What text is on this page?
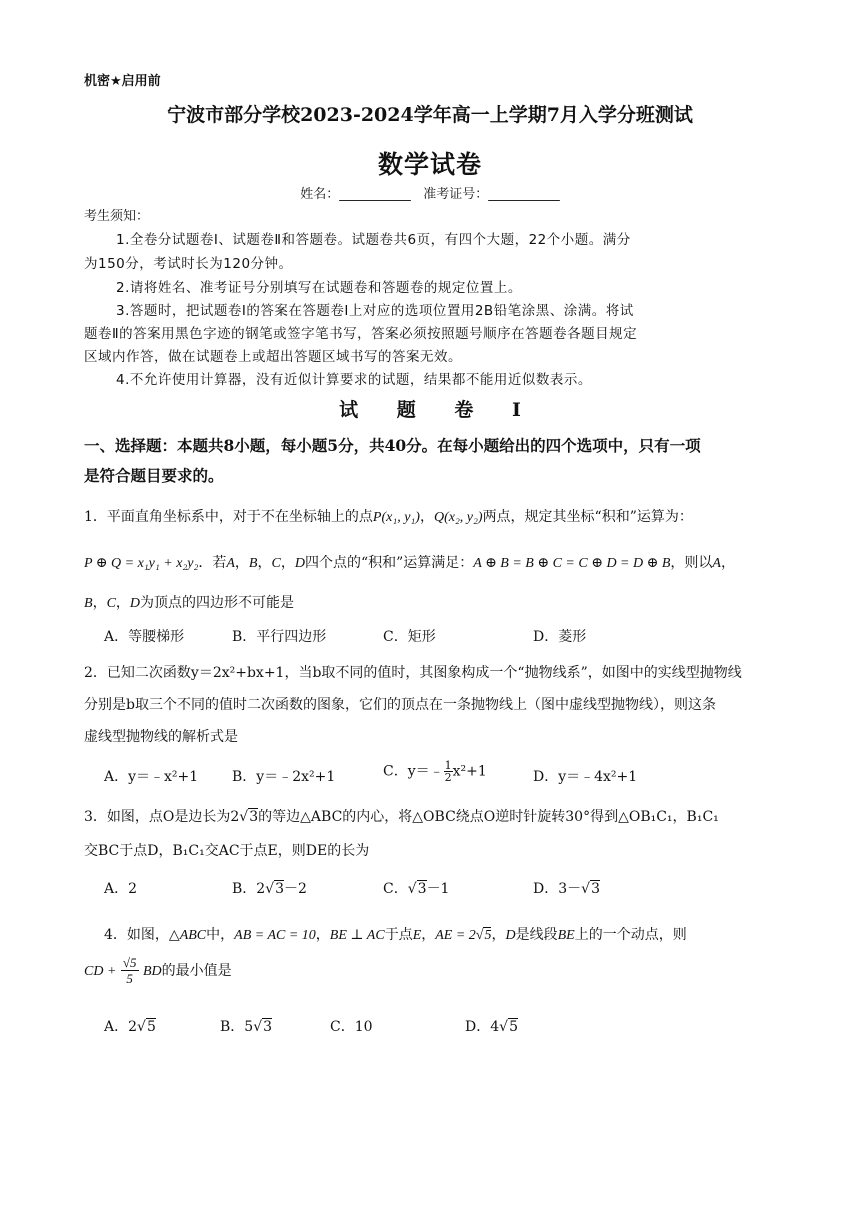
机密★启用前
宁波市部分学校2023-2024学年高一上学期7月入学分班测试
数学试卷
姓名：___________ 准考证号：___________
考生须知：
1.全卷分试题卷Ⅰ、试题卷Ⅱ和答题卷。试题卷共6页，有四个大题，22个小题。满分
为150分，考试时长为120分钟。
2.请将姓名、准考证号分别填写在试题卷和答题卷的规定位置上。
3.答题时，把试题卷Ⅰ的答案在答题卷Ⅰ上对应的选项位置用2B铅笔涂黑、涂满。将试
题卷Ⅱ的答案用黑色字迹的钢笔或签字笔书写，答案必须按照题号顺序在答题卷各题目规定
区域内作答，做在试题卷上或超出答题区域书写的答案无效。
4.不允许使用计算器，没有近似计算要求的试题，结果都不能用近似数表示。
试 题 卷 Ⅰ
一、选择题：本题共8小题，每小题5分，共40分。在每小题给出的四个选项中，只有一项
是符合题目要求的。
1．平面直角坐标系中，对于不在坐标轴上的点P(x₁, y₁)，Q(x₂, y₂)两点，规定其坐标“积和”运算为：
P ⊕ Q = x₁y₁ + x₂y₂．若A，B，C，D四个点的“积和”运算满足：A ⊕ B = B ⊕ C = C ⊕ D = D ⊕ B，则以A，
B，C，D为顶点的四边形不可能是
A．等腰梯形	B．平行四边形	C．矩形	D．菱形
2．已知二次函数y＝2x²+bx+1，当b取不同的值时，其图象构成一个“抛物线系”，如图中的实线型抛物线
分别是b取三个不同的值时二次函数的图象，它们的顶点在一条抛物线上（图中虚线型抛物线），则这条
虚线型抛物线的解析式是
A．y＝﹣x²+1 B．y＝﹣2x²+1	C．y＝﹣ $\frac{1}{2} x^2+1$	D．y＝﹣4x²+1
3．如图，点O是边长为2√3的等边△ABC的内心，将△OBC绕点O逆时针旋转30°得到△OB₁C₁，B₁C₁
交BC于点D，B₁C₁交AC于点E，则DE的长为
A．2	B．2√3－2	C．√3－1	D．3－√3
4．如图，△ABC中，AB = AC = 10，BE ⊥ AC于点E，AE = 2√5，D是线段BE上的一个动点，则
CD + $\frac{√5}{5}$ BD的最小值是
A．2√5	B．5√3	C．10	D．4√5
